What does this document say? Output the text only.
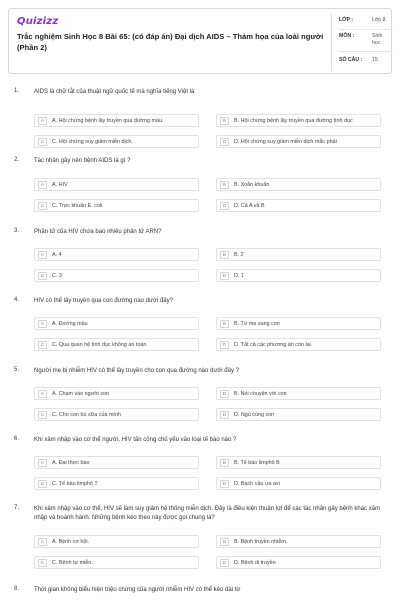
Quizizz
Trắc nghiệm Sinh Học 8 Bài 65: (có đáp án) Đại dịch AIDS – Thảm họa của loài người (Phần 2)
LỚP :	Lớp 8
MÔN :	Sinh học
SỐ CÂU : 15
1. AIDS là chữ tắt của thuật ngữ quốc tế mà nghĩa tiếng Việt là
A	A. Hội chứng bệnh lây truyền qua đường máu.	B	B. Hội chứng bệnh lây truyền qua đường tình dục
C	C. Hội chứng suy giảm miễn dịch.	D	D. Hội chứng suy giảm miễn dịch mắc phải
2. Tác nhân gây nên bệnh AIDS là gì ?
A	A. HIV	B	B. Xoắn khuẩn
C	C. Trực khuẩn E. coli	D	D. Cả A và B
3. Phân tử của HIV chứa bao nhiêu phân tử ARN?
A	A. 4	B	B. 2
C	C. 3	D	D. 1
4. HIV có thể lây truyền qua con đường nào dưới đây?
A	A. Đường máu	B	B. Từ mẹ sang con
C	C. Qua quan hệ tình dục không an toàn	D	D. Tất cả các phương án còn lại
5. Người mẹ bị nhiễm HIV có thể lây truyền cho con qua đường nào dưới đây ?
A	A. Chạm vào người con	B	B. Nói chuyện với con
C	C. Cho con bú sữa của mình	D	D. Ngủ cùng con
6. Khi xâm nhập vào cơ thể người, HIV tấn công chủ yếu vào loại tế bào nào ?
A	A. Đại thực bào	B	B. Tế bào limphô B
C	C. Tế bào limphô T	D	D. Bạch cầu ưa axi
7. Khi xâm nhập vào cơ thể, HIV sẽ làm suy giảm hệ thống miễn dịch. Đây là điều kiện thuận lợi để các tác nhân gây bệnh khác xâm nhập và hoành hành. Những bệnh kéo theo này được gọi chung là?
A	A. Bệnh cơ hội.	B	B. Bệnh truyền nhiễm.
C	C. Bệnh tự miễn.	D	D. Bệnh di truyền
8. Thời gian không biểu hiện triệu chứng của người nhiễm HIV có thể kéo dài từ
